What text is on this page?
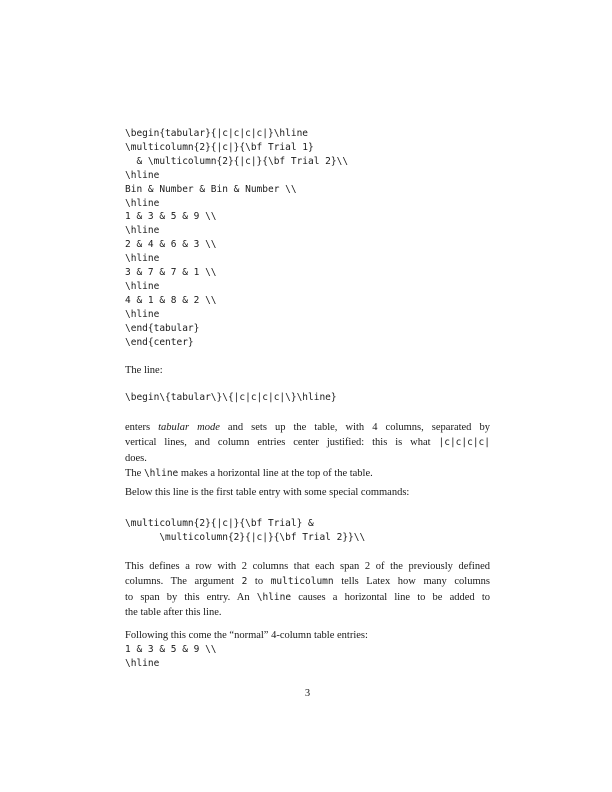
\begin{tabular}{|c|c|c|c|}\hline
\multicolumn{2}{|c|}{\bf Trial 1}
& \multicolumn{2}{|c|}{\bf Trial 2}\\
\hline
Bin & Number & Bin & Number \\
\hline
1 & 3 & 5 & 9 \\
\hline
2 & 4 & 6 & 3 \\
\hline
3 & 7 & 7 & 1 \\
\hline
4 & 1 & 8 & 2 \\
\hline
\end{tabular}
\end{center}
The line:
\begin\{tabular\}\{|c|c|c|c|\}\hline}
enters tabular mode and sets up the table, with 4 columns, separated by
vertical lines, and column entries center justified: this is what |c|c|c|c|
does.
The \hline makes a horizontal line at the top of the table.
Below this line is the first table entry with some special commands:
\multicolumn{2}{|c|}{\bf Trial} &
\multicolumn{2}{|c|}{\bf Trial 2}}\\
This defines a row with 2 columns that each span 2 of the previously defined
columns. The argument 2 to multicolumn tells Latex how many columns
to span by this entry. An \hline causes a horizontal line to be added to
the table after this line.
Following this come the “normal” 4-column table entries:
1 & 3 & 5 & 9 \\
\hline
3
